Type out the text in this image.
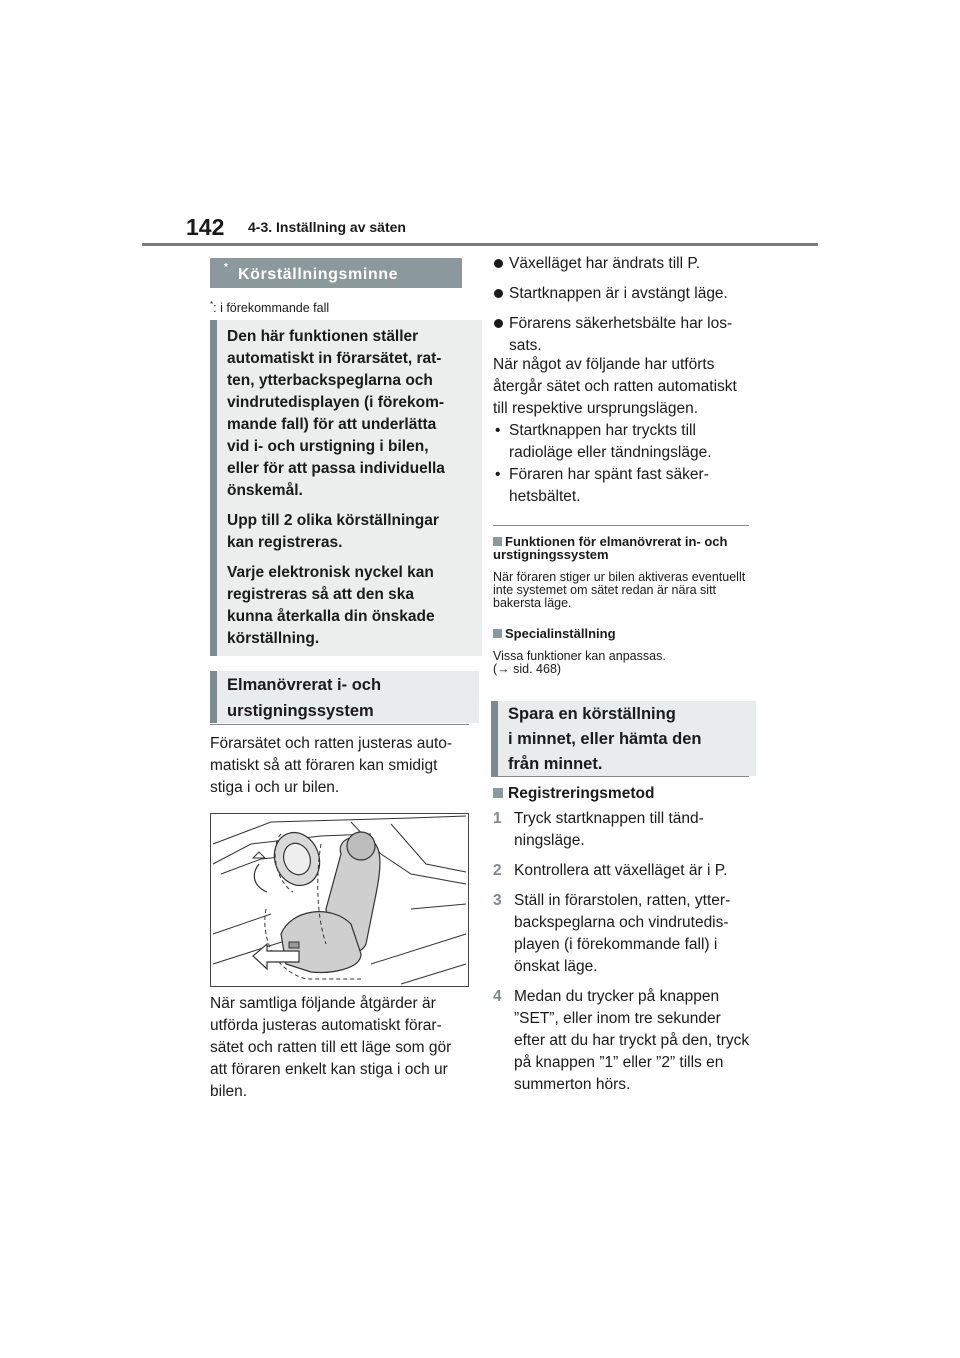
142 4-3. Inställning av säten
Körställningsminne
*
*: i förekommande fall

Den här funktionen ställer automatiskt in förarsätet, rat- ten, ytterbackspeglarna och vindrutedisplayen (i förekom- mande fall) för att underlätta vid i- och urstigning i bilen, eller för att passa individuella önskemål.

Upp till 2 olika körställningar kan registreras.

Varje elektronisk nyckel kan registreras så att den ska kunna återkalla din önskade körställning.

Elmanövrerat i- och
urstigningssystem
Förarsätet och ratten justeras auto- matiskt så att föraren kan smidigt stiga i och ur bilen.
När samtliga följande åtgärder är utförda justeras automatiskt förar- sätet och ratten till ett läge som gör att föraren enkelt kan stiga i och ur bilen.
Växelläget har ändrats till P.
Startknappen är i avstängt läge.
Förarens säkerhetsbälte har los- sats.
När något av följande har utförts återgår sätet och ratten automatiskt till respektive ursprungslägen.
• Startknappen har tryckts till radioläge eller tändningsläge.
• Föraren har spänt fast säker- hetsbältet.
Funktionen för elmanövrerat in- och urstigningssystem
När föraren stiger ur bilen aktiveras eventuellt inte systemet om sätet redan är nära sitt bakersta läge.
Specialinställning
Vissa funktioner kan anpassas.
(→ sid. 468)
Spara en körställning
i minnet, eller hämta den
från minnet.
Registreringsmetod
1 Tryck startknappen till tänd- ningsläge.
2 Kontrollera att växelläget är i P.
3 Ställ in förarstolen, ratten, ytter- backspeglarna och vindrutedis- playen (i förekommande fall) i önskat läge.
4 Medan du trycker på knappen ”SET”, eller inom tre sekunder efter att du har tryckt på den, tryck på knappen ”1” eller ”2” tills en summerton hörs.
